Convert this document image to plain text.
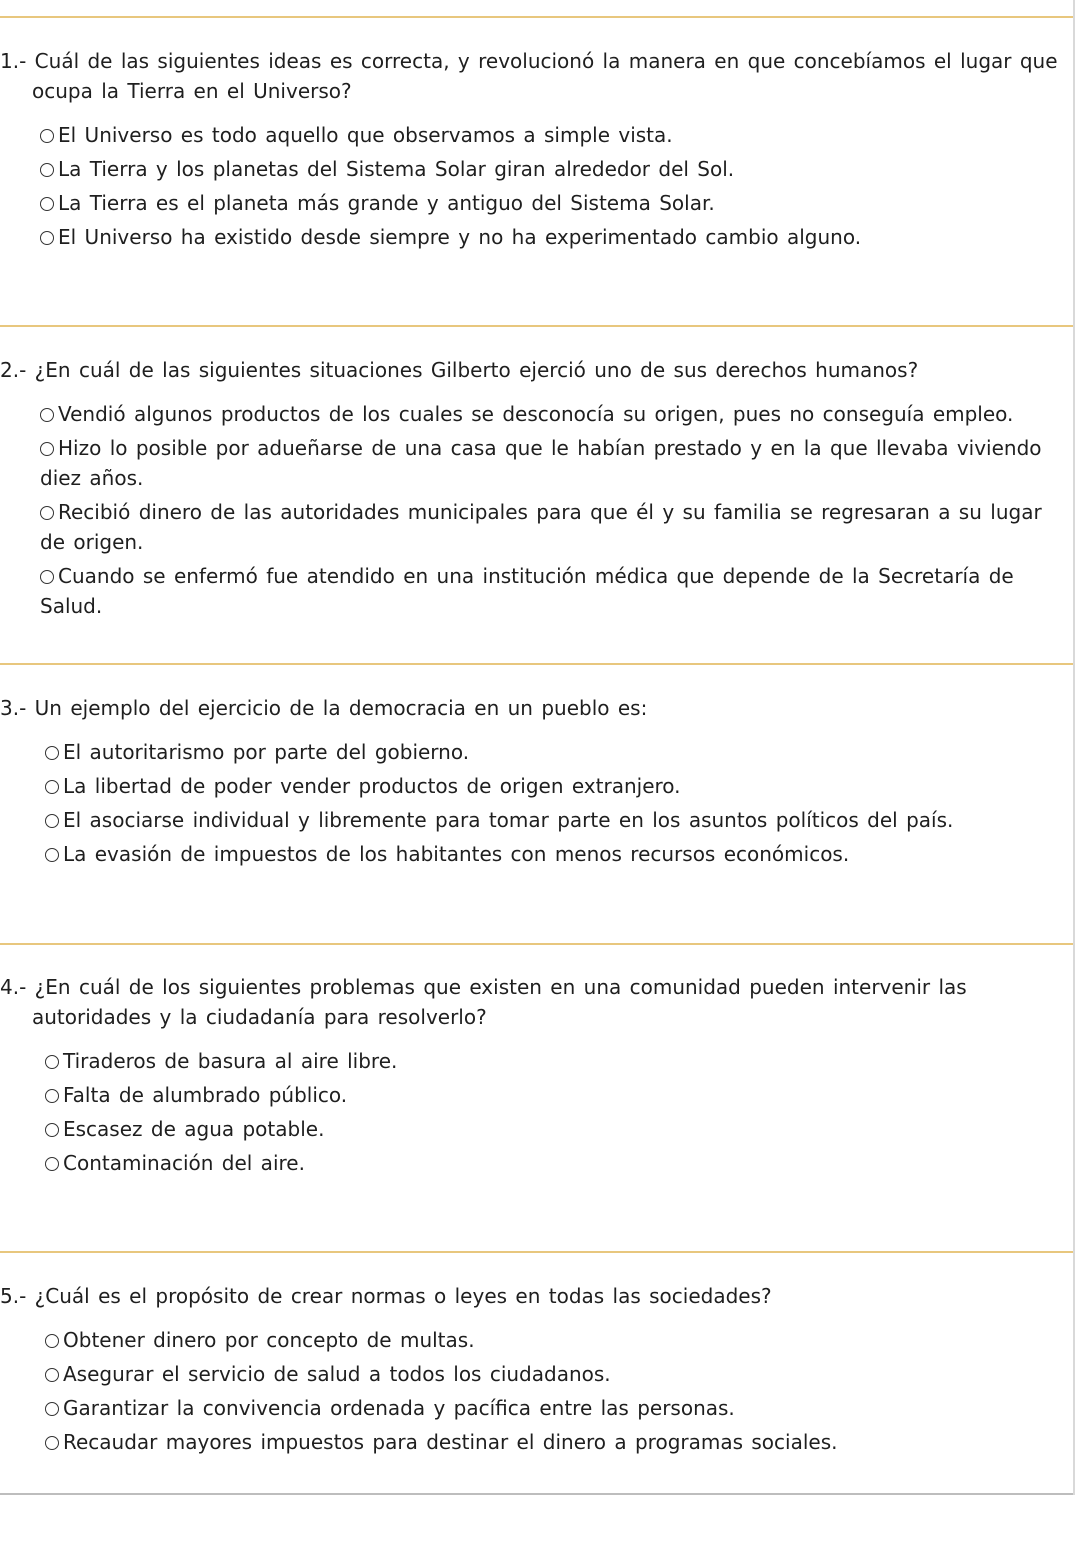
1.- Cuál de las siguientes ideas es correcta, y revolucionó la manera en que concebíamos el lugar que ocupa la Tierra en el Universo?

El Universo es todo aquello que observamos a simple vista.
La Tierra y los planetas del Sistema Solar giran alrededor del Sol.
La Tierra es el planeta más grande y antiguo del Sistema Solar.
El Universo ha existido desde siempre y no ha experimentado cambio alguno.

2.- ¿En cuál de las siguientes situaciones Gilberto ejerció uno de sus derechos humanos?

Vendió algunos productos de los cuales se desconocía su origen, pues no conseguía empleo.
Hizo lo posible por adueñarse de una casa que le habían prestado y en la que llevaba viviendo diez años.
Recibió dinero de las autoridades municipales para que él y su familia se regresaran a su lugar de origen.
Cuando se enfermó fue atendido en una institución médica que depende de la Secretaría de Salud.

3.- Un ejemplo del ejercicio de la democracia en un pueblo es:

El autoritarismo por parte del gobierno.
La libertad de poder vender productos de origen extranjero.
El asociarse individual y libremente para tomar parte en los asuntos políticos del país.
La evasión de impuestos de los habitantes con menos recursos económicos.

4.- ¿En cuál de los siguientes problemas que existen en una comunidad pueden intervenir las autoridades y la ciudadanía para resolverlo?

Tiraderos de basura al aire libre.
Falta de alumbrado público.
Escasez de agua potable.
Contaminación del aire.

5.- ¿Cuál es el propósito de crear normas o leyes en todas las sociedades?

Obtener dinero por concepto de multas.
Asegurar el servicio de salud a todos los ciudadanos.
Garantizar la convivencia ordenada y pacífica entre las personas.
Recaudar mayores impuestos para destinar el dinero a programas sociales.
